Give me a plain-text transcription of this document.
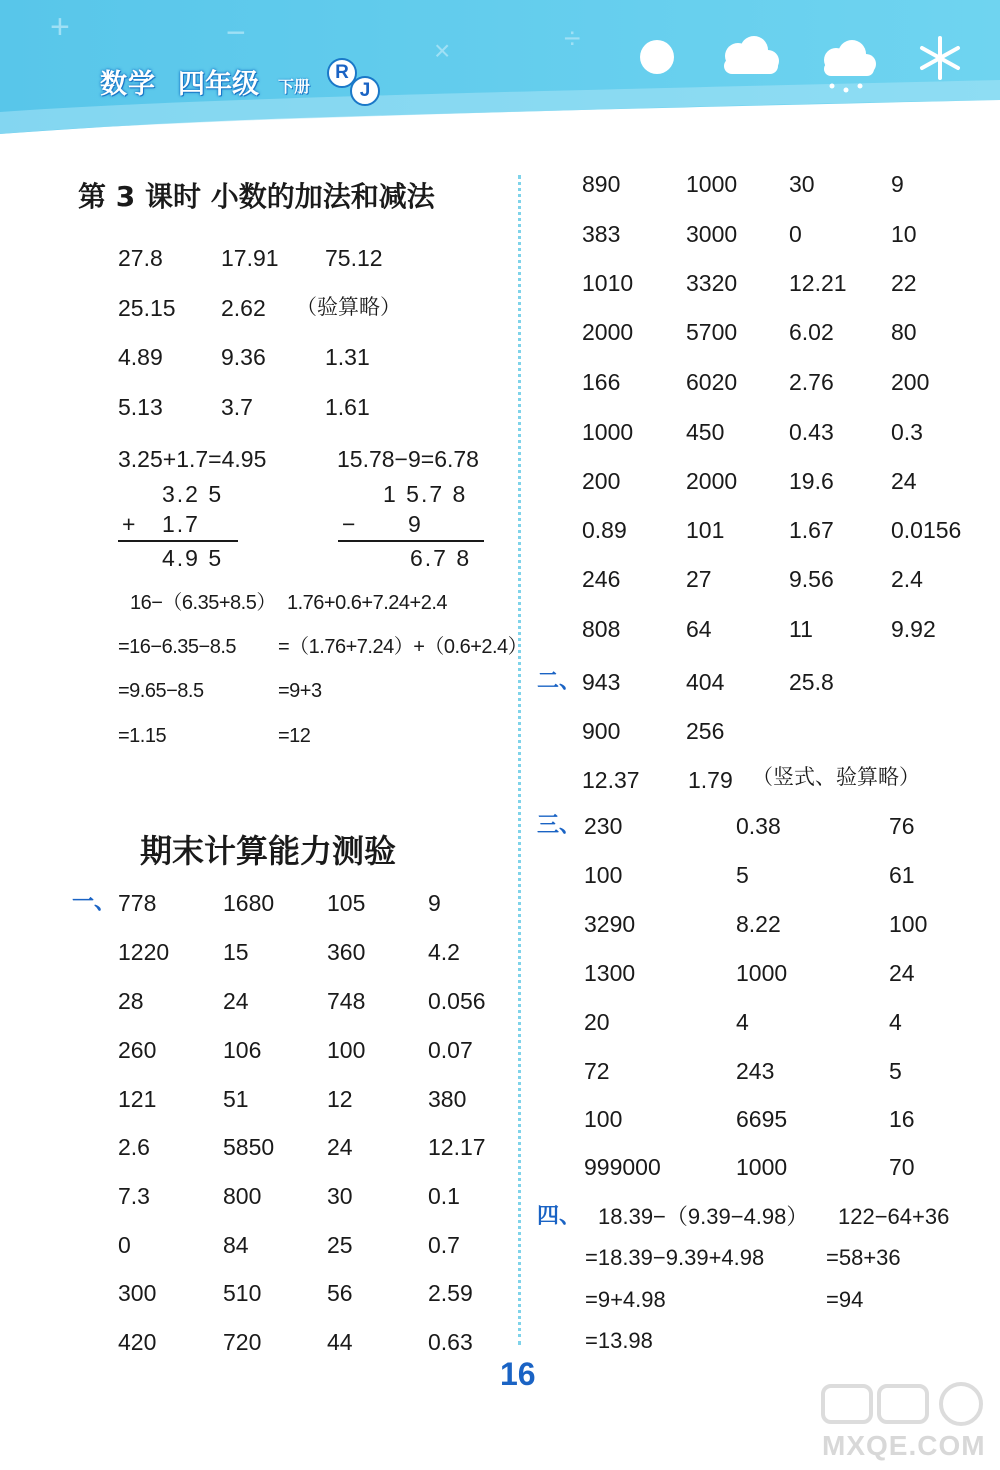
+	−	×	÷
数学 四年级 下册
R
J
第 3 课时 小数的加法和减法
27.8	17.91 75.12
25.15 2.62 （验算略）
4.89	9.36	1.31
5.13	3.7	1.61
3.25+1.7=4.95
3.2 5
+ 1.7
4.9 5
15.78−9=6.78
1 5.7 8
− 9
6.7 8
16−（6.35+8.5）
=16−6.35−8.5
=9.65−8.5
=1.15
1.76+0.6+7.24+2.4
=（1.76+7.24）+（0.6+2.4）
=9+3
=12
期末计算能力测验
一、 778	1680 105	9
1220 15	360	4.2
28	24	748	0.056
260	106	100	0.07
121	51	12	380
2.6	5850 24	12.17
7.3	800	30	0.1
0	84	25	0.7
300	510	56	2.59
420	720	44	0.63
890	1000 30	9
383	3000 0	10
1010 3320 12.21 22
2000 5700 6.02 80
166	6020 2.76 200
1000 450	0.43 0.3
200	2000 19.6 24
0.89	101	1.67 0.0156
246	27	9.56 2.4
808	64	11	9.92
二、 943	404	25.8
900	256
12.37 1.79 （竖式、验算略）
三、 230	0.38	76
100	5	61
3290	8.22	100
1300	1000	24
20	4	4
72	243	5
100	6695	16
999000	1000	70
四、 18.39−（9.39−4.98）
=18.39−9.39+4.98
=9+4.98
=13.98
122−64+36
=58+36
=94
16
MXQE.COM
